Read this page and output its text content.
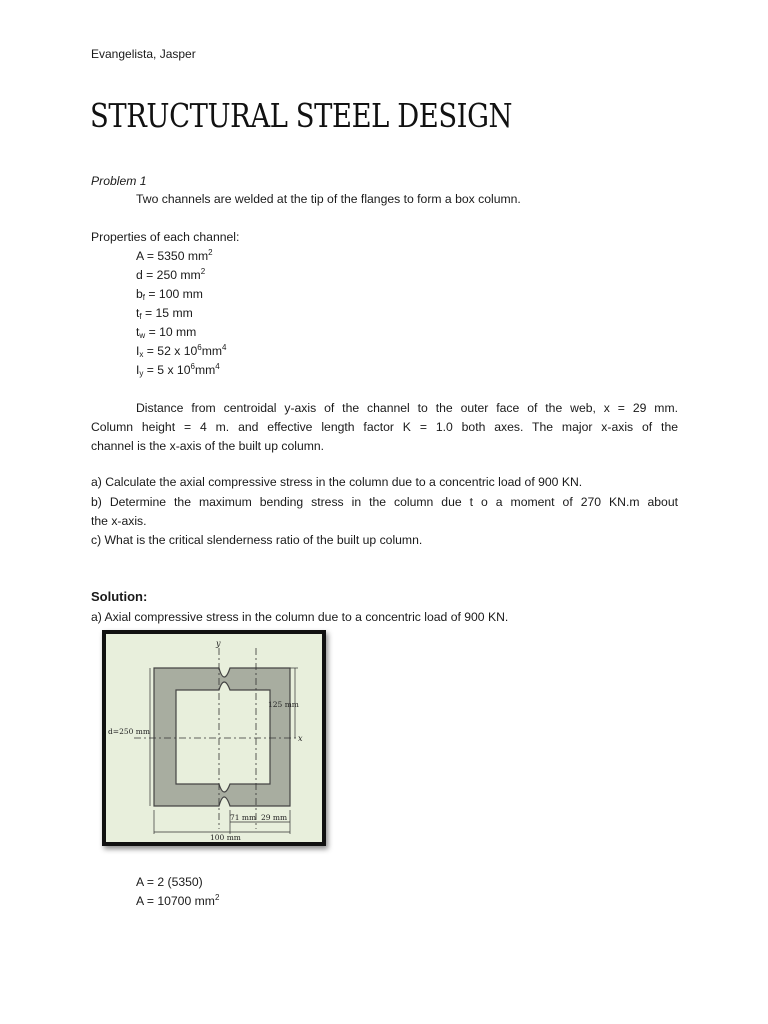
Evangelista, Jasper
STRUCTURAL STEEL DESIGN
Problem 1
Two channels are welded at the tip of the flanges to form a box column.
Properties of each channel:
A = 5350 $mm^2$
d = 250 $mm^2$
$b_f = 100$ mm
$t_f = 15$ mm
$t_w = 10$ mm
$I_x = 52$ x $10^6mm^4$
$I_y = 5$ x $10^6mm^4$
Distance from centroidal y-axis of the channel to the outer face of the web, x = 29 mm.
Column height = 4 m. and effective length factor K = 1.0 both axes. The major x-axis of the
channel is the x-axis of the built up column.
a) Calculate the axial compressive stress in the column due to a concentric load of 900 KN.
b) Determine the maximum bending stress in the column due t o a moment of 270 KN.m about
the x-axis.
c) What is the critical slenderness ratio of the built up column.
Solution:
a) Axial compressive stress in the column due to a concentric load of 900 KN.
y
x
125 mm
d=250 mm
71 mm 29 mm
100 mm
A = 2 (5350)
A = 10700 $mm^2$
